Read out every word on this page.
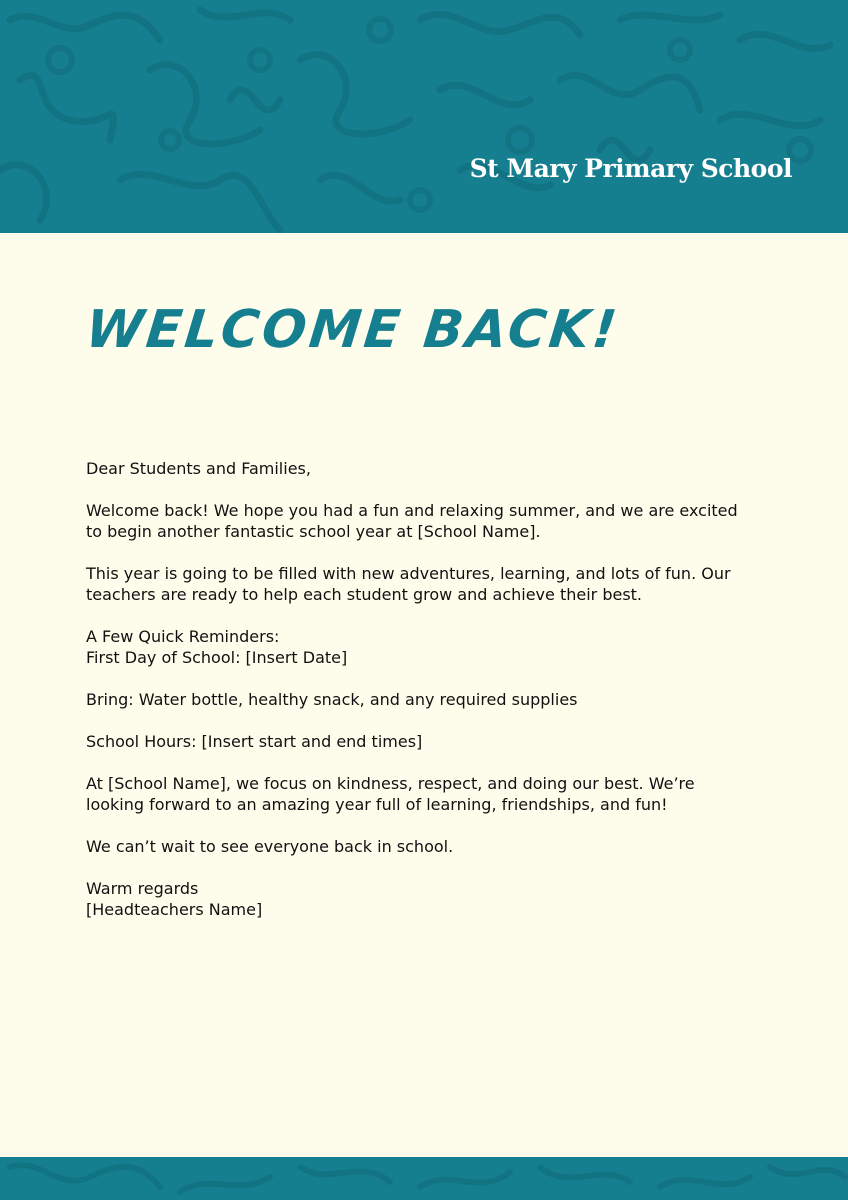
St Mary Primary School
WELCOME BACK!

Dear Students and Families,

Welcome back! We hope you had a fun and relaxing summer, and we are excited to begin another fantastic school year at [School Name].

This year is going to be filled with new adventures, learning, and lots of fun. Our teachers are ready to help each student grow and achieve their best.

A Few Quick Reminders:

First Day of School: [Insert Date]

Bring: Water bottle, healthy snack, and any required supplies

School Hours: [Insert start and end times]

At [School Name], we focus on kindness, respect, and doing our best. We’re looking forward to an amazing year full of learning, friendships, and fun!

We can’t wait to see everyone back in school.

Warm regards

[Headteachers Name]
